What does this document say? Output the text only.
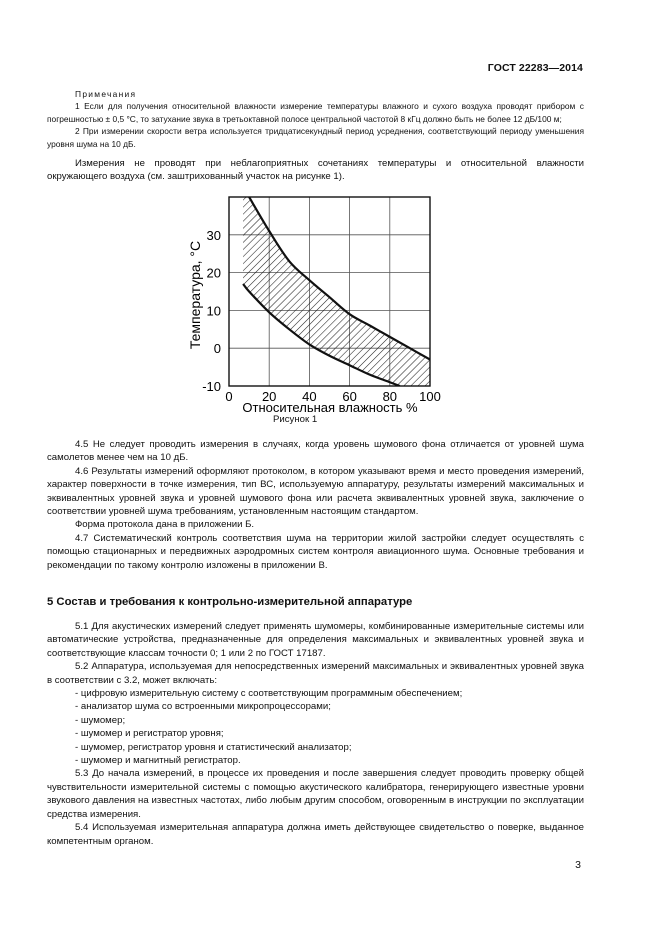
ГОСТ 22283—2014

Примечания

1 Если для получения относительной влажности измерение температуры влажного и сухого воздуха проводят прибором с погрешностью ± 0,5 °С, то затухание звука в третьоктавной полосе центральной частотой 8 кГц должно быть не более 12 дБ/100 м;

2 При измерении скорости ветра используется тридцатисекундный период усреднения, соответствующий периоду уменьшения уровня шума на 10 дБ.

Измерения не проводят при неблагоприятных сочетаниях температуры и относительной влажности окружающего воздуха (см. заштрихованный участок на рисунке 1).

0 20 40 60 80 100
-10
0
10
20
30
Относительная влажность %
Температура, °С
Рисунок 1

4.5 Не следует проводить измерения в случаях, когда уровень шумового фона отличается от уровней шума самолетов менее чем на 10 дБ.

4.6 Результаты измерений оформляют протоколом, в котором указывают время и место проведения измерений, характер поверхности в точке измерения, тип ВС, используемую аппаратуру, результаты измерений максимальных и эквивалентных уровней звука и уровней шумового фона или расчета эквивалентных уровней звука, заключение о соответствии уровней шума требованиям, установленным настоящим стандартом.

Форма протокола дана в приложении Б.

4.7 Систематический контроль соответствия шума на территории жилой застройки следует осуществлять с помощью стационарных и передвижных аэродромных систем контроля авиационного шума. Основные требования и рекомендации по такому контролю изложены в приложении В.

5 Состав и требования к контрольно-измерительной аппаратуре

5.1 Для акустических измерений следует применять шумомеры, комбинированные измерительные системы или автоматические устройства, предназначенные для определения максимальных и эквивалентных уровней звука и соответствующие классам точности 0; 1 или 2 по ГОСТ 17187.

5.2 Аппаратура, используемая для непосредственных измерений максимальных и эквивалентных уровней звука в соответствии с 3.2, может включать:

- цифровую измерительную систему с соответствующим программным обеспечением;

- анализатор шума со встроенными микропроцессорами;

- шумомер;

- шумомер и регистратор уровня;

- шумомер, регистратор уровня и статистический анализатор;

- шумомер и магнитный регистратор.

5.3 До начала измерений, в процессе их проведения и после завершения следует проводить проверку общей чувствительности измерительной системы с помощью акустического калибратора, генерирующего известные уровни звукового давления на известных частотах, либо любым другим способом, оговоренным в инструкции по эксплуатации средства измерения.

5.4 Используемая измерительная аппаратура должна иметь действующее свидетельство о поверке, выданное компетентным органом.

3
